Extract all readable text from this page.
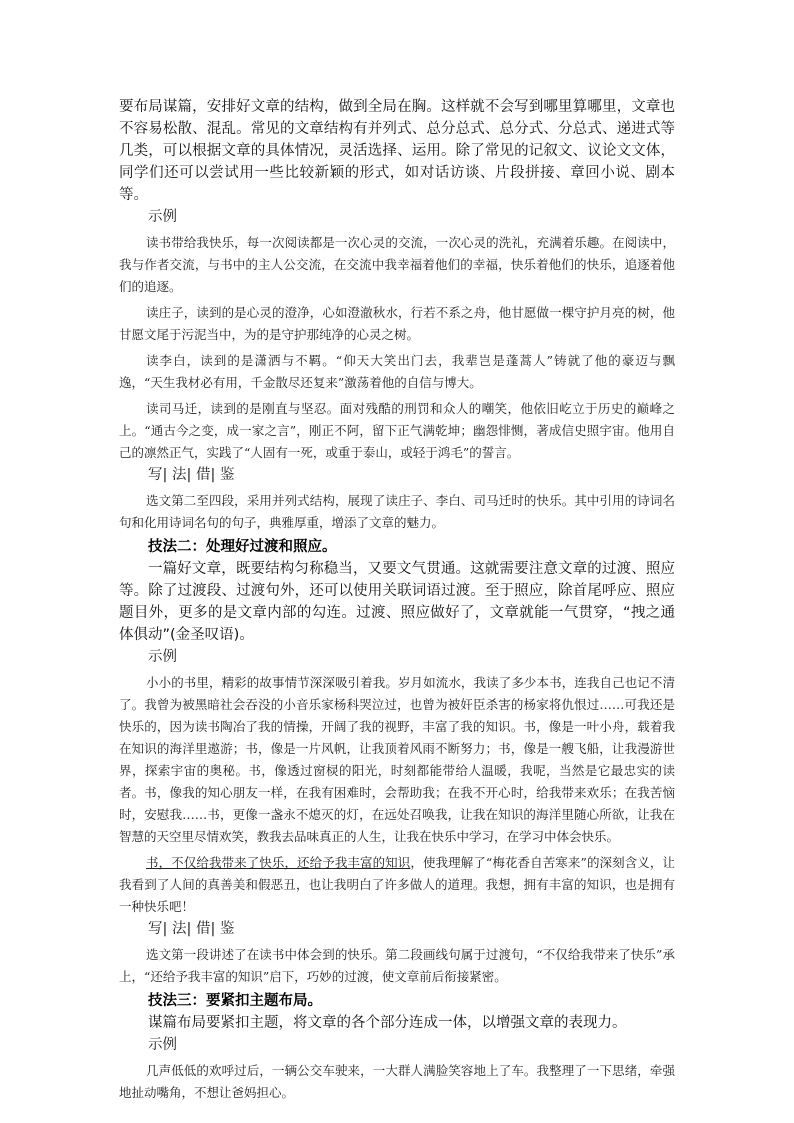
要布局谋篇，安排好文章的结构，做到全局在胸。这样就不会写到哪里算哪里，文章也不容易松散、混乱。常见的文章结构有并列式、总分总式、总分式、分总式、递进式等几类，可以根据文章的具体情况，灵活选择、运用。除了常见的记叙文、议论文文体，同学们还可以尝试用一些比较新颖的形式，如对话访谈、片段拼接、章回小说、剧本等。

示例

读书带给我快乐，每一次阅读都是一次心灵的交流，一次心灵的洗礼，充满着乐趣。在阅读中，我与作者交流，与书中的主人公交流，在交流中我幸福着他们的幸福，快乐着他们的快乐，追逐着他们的追逐。

读庄子，读到的是心灵的澄净，心如澄澈秋水，行若不系之舟，他甘愿做一棵守护月亮的树，他甘愿文尾于污泥当中，为的是守护那纯净的心灵之树。

读李白，读到的是潇洒与不羁。“仰天大笑出门去，我辈岂是蓬蒿人”铸就了他的豪迈与飘逸，“天生我材必有用，千金散尽还复来”激荡着他的自信与博大。

读司马迁，读到的是刚直与坚忍。面对残酷的刑罚和众人的嘲笑，他依旧屹立于历史的巅峰之上。“通古今之变，成一家之言”，刚正不阿，留下正气满乾坤；幽怨悱恻，著成信史照宇宙。他用自己的凛然正气，实践了“人固有一死，或重于泰山，或轻于鸿毛”的誓言。

写| 法| 借| 鉴

选文第二至四段，采用并列式结构，展现了读庄子、李白、司马迁时的快乐。其中引用的诗词名句和化用诗词名句的句子，典雅厚重，增添了文章的魅力。

技法二：处理好过渡和照应。

一篇好文章，既要结构匀称稳当，又要文气贯通。这就需要注意文章的过渡、照应等。除了过渡段、过渡句外，还可以使用关联词语过渡。至于照应，除首尾呼应、照应题目外，更多的是文章内部的勾连。过渡、照应做好了，文章就能一气贯穿，“拽之通体俱动”(金圣叹语)。

示例

小小的书里，精彩的故事情节深深吸引着我。岁月如流水，我读了多少本书，连我自己也记不清了。我曾为被黑暗社会吞没的小音乐家杨科哭泣过，也曾为被奸臣杀害的杨家将仇恨过……可我还是快乐的，因为读书陶冶了我的情操，开阔了我的视野，丰富了我的知识。书，像是一叶小舟，载着我在知识的海洋里遨游；书，像是一片风帆，让我顶着风雨不断努力；书，像是一艘飞船，让我漫游世界，探索宇宙的奥秘。书，像透过窗棂的阳光，时刻都能带给人温暖，我呢，当然是它最忠实的读者。书，像我的知心朋友一样，在我有困难时，会帮助我；在我不开心时，给我带来欢乐；在我苦恼时，安慰我……书，更像一盏永不熄灭的灯，在远处召唤我，让我在知识的海洋里随心所欲，让我在智慧的天空里尽情欢笑，教我去品味真正的人生，让我在快乐中学习，在学习中体会快乐。

书，不仅给我带来了快乐，还给予我丰富的知识，使我理解了“梅花香自苦寒来”的深刻含义，让我看到了人间的真善美和假恶丑，也让我明白了许多做人的道理。我想，拥有丰富的知识，也是拥有一种快乐吧！

写| 法| 借| 鉴

选文第一段讲述了在读书中体会到的快乐。第二段画线句属于过渡句，“不仅给我带来了快乐”承上，“还给予我丰富的知识”启下，巧妙的过渡，使文章前后衔接紧密。

技法三：要紧扣主题布局。

谋篇布局要紧扣主题，将文章的各个部分连成一体，以增强文章的表现力。

示例

几声低低的欢呼过后，一辆公交车驶来，一大群人满脸笑容地上了车。我整理了一下思绪，牵强地扯动嘴角，不想让爸妈担心。
